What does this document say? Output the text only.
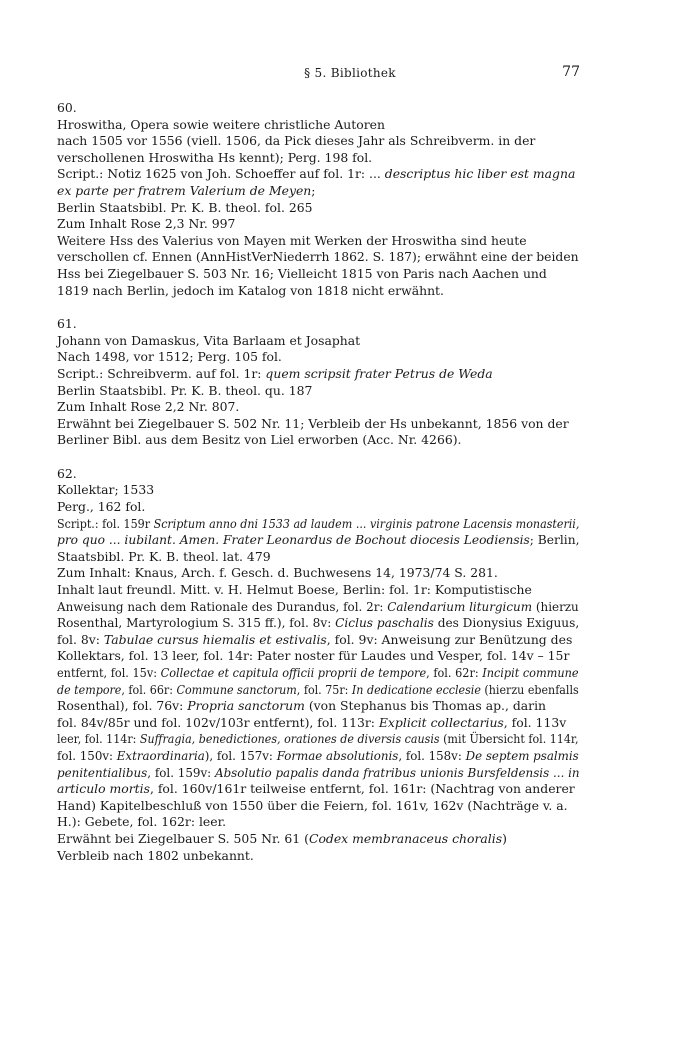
§ 5. Bibliothek	77
60.
Hroswitha, Opera sowie weitere christliche Autoren
nach 1505 vor 1556 (viell. 1506, da Pick dieses Jahr als Schreibverm. in der
verschollenen Hroswitha Hs kennt); Perg. 198 fol.
Script.: Notiz 1625 von Joh. Schoeffer auf fol. 1r: ... descriptus hic liber est magna
ex parte per fratrem Valerium de Meyen;
Berlin Staatsbibl. Pr. K. B. theol. fol. 265
Zum Inhalt Rose 2,3 Nr. 997
Weitere Hss des Valerius von Mayen mit Werken der Hroswitha sind heute
verschollen cf. Ennen (AnnHistVerNiederrh 1862. S. 187); erwähnt eine der beiden
Hss bei Ziegelbauer S. 503 Nr. 16; Vielleicht 1815 von Paris nach Aachen und
1819 nach Berlin, jedoch im Katalog von 1818 nicht erwähnt.
61.
Johann von Damaskus, Vita Barlaam et Josaphat
Nach 1498, vor 1512; Perg. 105 fol.
Script.: Schreibverm. auf fol. 1r: quem scripsit frater Petrus de Weda
Berlin Staatsbibl. Pr. K. B. theol. qu. 187
Zum Inhalt Rose 2,2 Nr. 807.
Erwähnt bei Ziegelbauer S. 502 Nr. 11; Verbleib der Hs unbekannt, 1856 von der
Berliner Bibl. aus dem Besitz von Liel erworben (Acc. Nr. 4266).
62.
Kollektar; 1533
Perg., 162 fol.
Script.: fol. 159r Scriptum anno dni 1533 ad laudem ... virginis patrone Lacensis monasterii,
pro quo ... iubilant. Amen. Frater Leonardus de Bochout diocesis Leodiensis; Berlin,
Staatsbibl. Pr. K. B. theol. lat. 479
Zum Inhalt: Knaus, Arch. f. Gesch. d. Buchwesens 14, 1973/74 S. 281.
Inhalt laut freundl. Mitt. v. H. Helmut Boese, Berlin: fol. 1r: Komputistische
Anweisung nach dem Rationale des Durandus, fol. 2r: Calendarium liturgicum (hierzu
Rosenthal, Martyrologium S. 315 ff.), fol. 8v: Ciclus paschalis des Dionysius Exiguus,
fol. 8v: Tabulae cursus hiemalis et estivalis, fol. 9v: Anweisung zur Benützung des
Kollektars, fol. 13 leer, fol. 14r: Pater noster für Laudes und Vesper, fol. 14v – 15r
entfernt, fol. 15v: Collectae et capitula officii proprii de tempore, fol. 62r: Incipit commune
de tempore, fol. 66r: Commune sanctorum, fol. 75r: In dedicatione ecclesie (hierzu ebenfalls
Rosenthal), fol. 76v: Propria sanctorum (von Stephanus bis Thomas ap., darin
fol. 84v/85r und fol. 102v/103r entfernt), fol. 113r: Explicit collectarius, fol. 113v
leer, fol. 114r: Suffragia, benedictiones, orationes de diversis causis (mit Übersicht fol. 114r,
fol. 150v: Extraordinaria), fol. 157v: Formae absolutionis, fol. 158v: De septem psalmis
penitentialibus, fol. 159v: Absolutio papalis danda fratribus unionis Bursfeldensis ... in
articulo mortis, fol. 160v/161r teilweise entfernt, fol. 161r: (Nachtrag von anderer
Hand) Kapitelbeschluß von 1550 über die Feiern, fol. 161v, 162v (Nachträge v. a.
H.): Gebete, fol. 162r: leer.
Erwähnt bei Ziegelbauer S. 505 Nr. 61 (Codex membranaceus choralis)
Verbleib nach 1802 unbekannt.
